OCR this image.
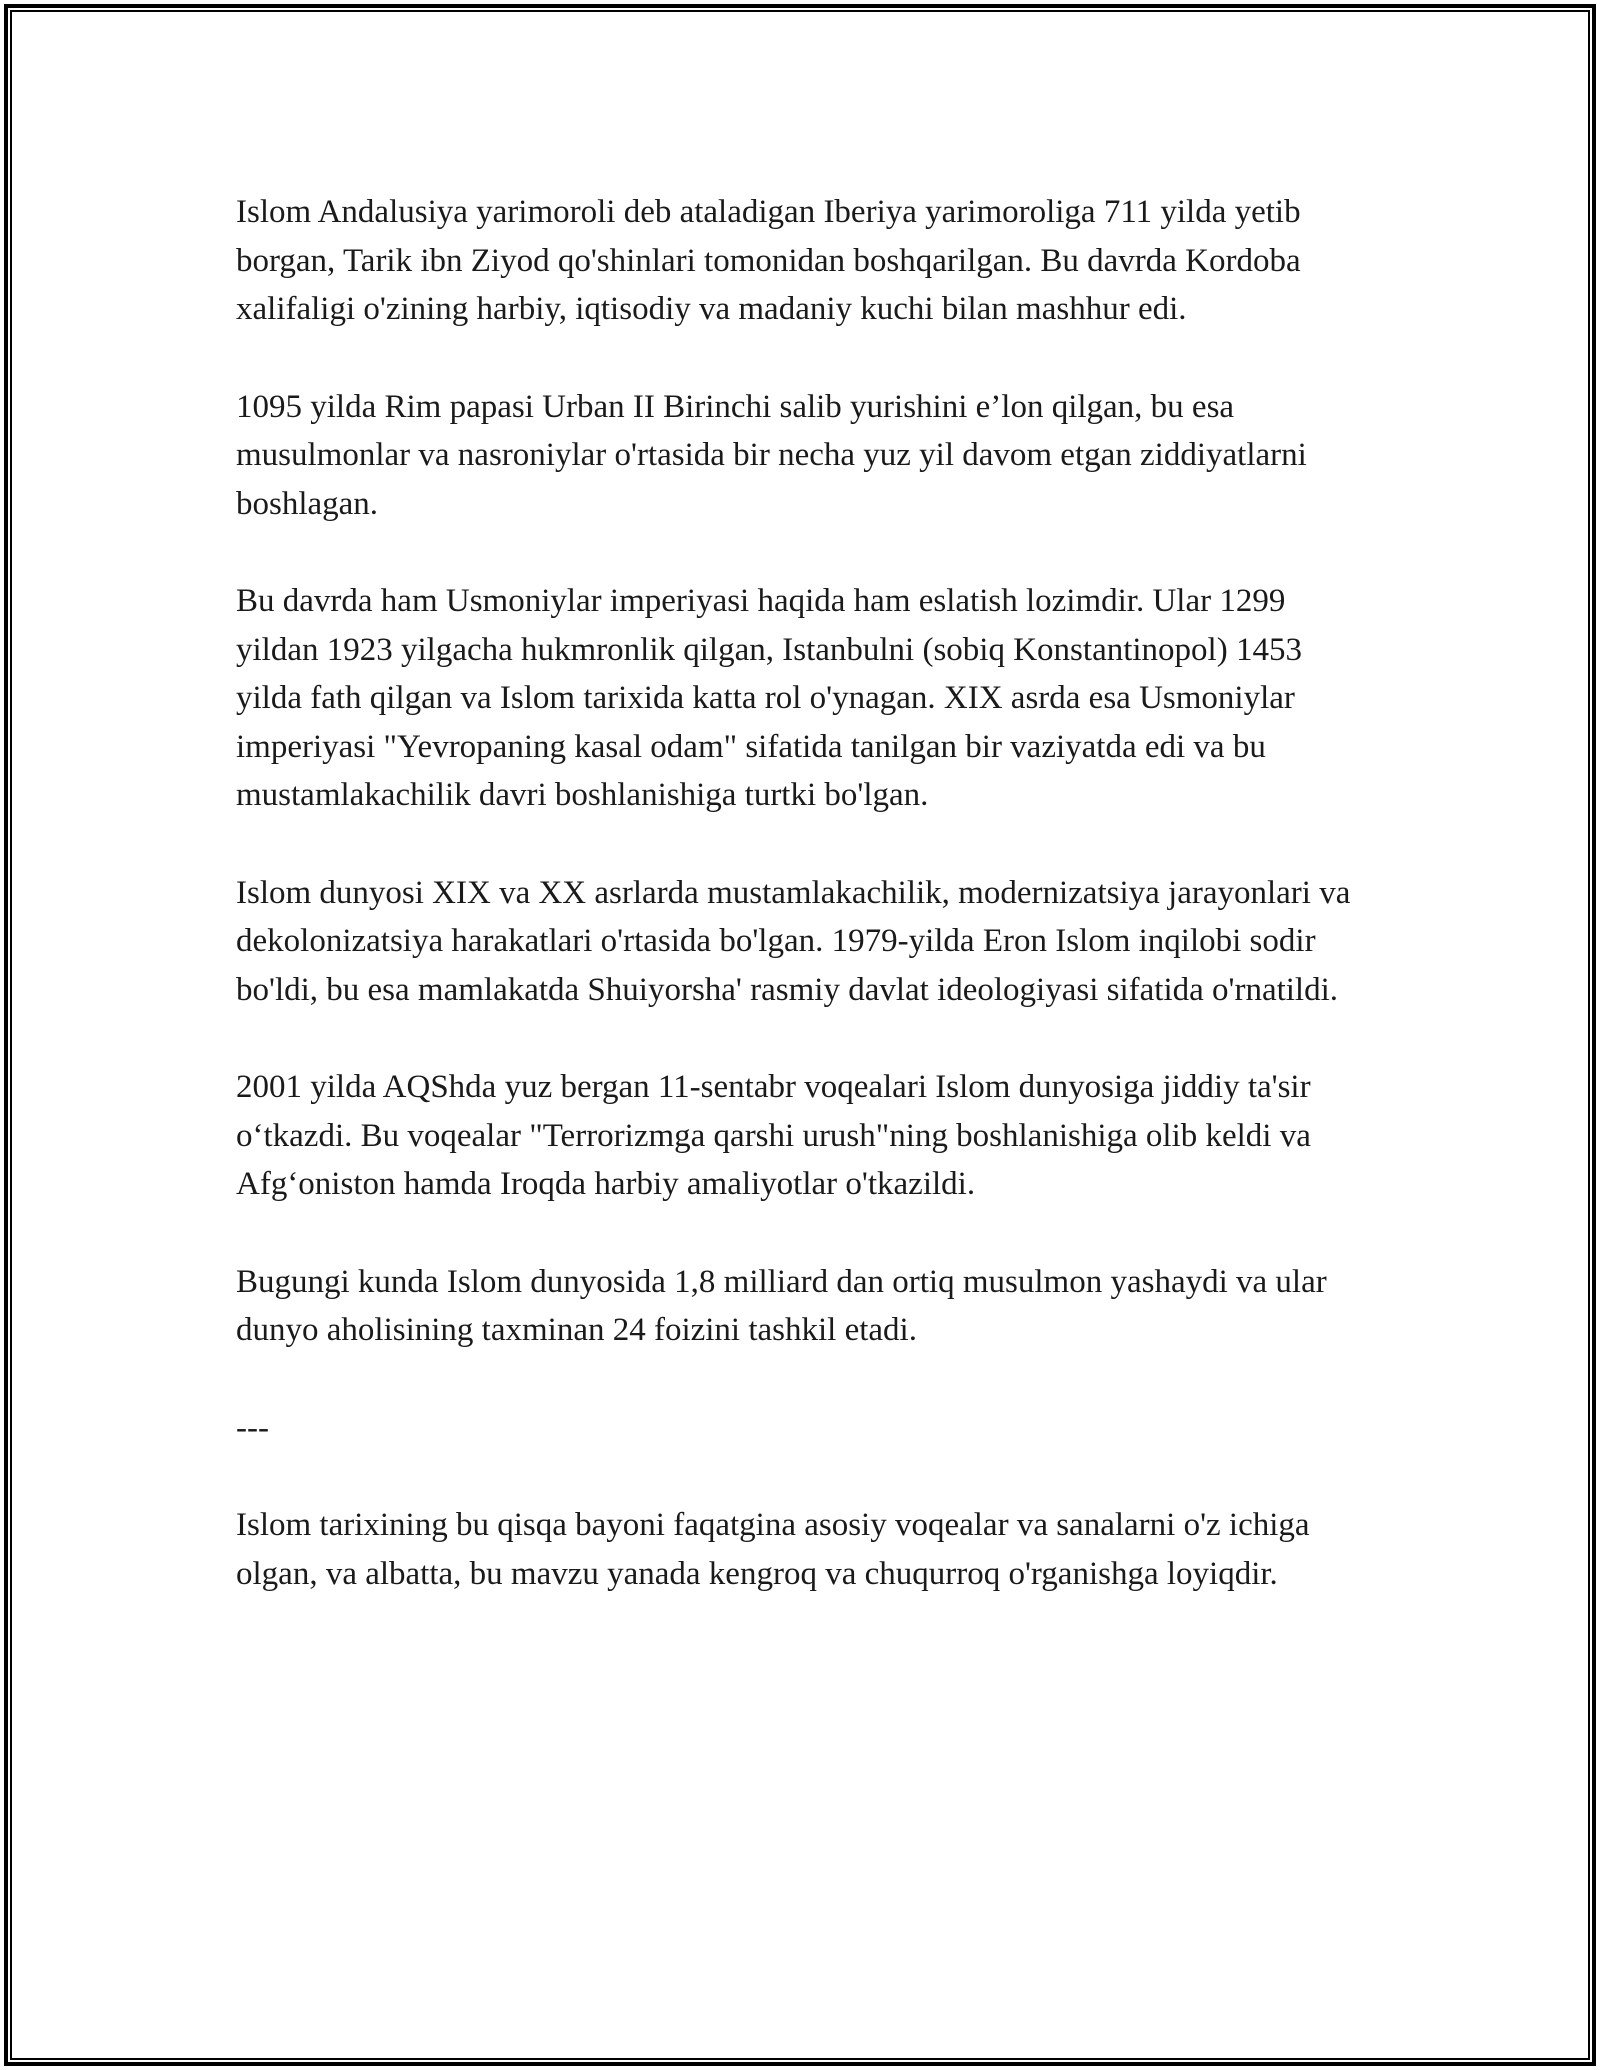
Islom Andalusiya yarimoroli deb ataladigan Iberiya yarimoroliga 711 yilda yetib borgan, Tarik ibn Ziyod qo'shinlari tomonidan boshqarilgan. Bu davrda Kordoba xalifaligi o'zining harbiy, iqtisodiy va madaniy kuchi bilan mashhur edi.

1095 yilda Rim papasi Urban II Birinchi salib yurishini e’lon qilgan, bu esa musulmonlar va nasroniylar o'rtasida bir necha yuz yil davom etgan ziddiyatlarni boshlagan.

Bu davrda ham Usmoniylar imperiyasi haqida ham eslatish lozimdir. Ular 1299 yildan 1923 yilgacha hukmronlik qilgan, Istanbulni (sobiq Konstantinopol) 1453 yilda fath qilgan va Islom tarixida katta rol o'ynagan. XIX asrda esa Usmoniylar imperiyasi "Yevropaning kasal odam" sifatida tanilgan bir vaziyatda edi va bu mustamlakachilik davri boshlanishiga turtki bo'lgan.

Islom dunyosi XIX va XX asrlarda mustamlakachilik, modernizatsiya jarayonlari va dekolonizatsiya harakatlari o'rtasida bo'lgan. 1979-yilda Eron Islom inqilobi sodir bo'ldi, bu esa mamlakatda Shuiyorsha' rasmiy davlat ideologiyasi sifatida o'rnatildi.

2001 yilda AQShda yuz bergan 11-sentabr voqealari Islom dunyosiga jiddiy ta'sir o‘tkazdi. Bu voqealar "Terrorizmga qarshi urush"ning boshlanishiga olib keldi va Afg‘oniston hamda Iroqda harbiy amaliyotlar o'tkazildi.

Bugungi kunda Islom dunyosida 1,8 milliard dan ortiq musulmon yashaydi va ular dunyo aholisining taxminan 24 foizini tashkil etadi.

---

Islom tarixining bu qisqa bayoni faqatgina asosiy voqealar va sanalarni o'z ichiga olgan, va albatta, bu mavzu yanada kengroq va chuqurroq o'rganishga loyiqdir.
